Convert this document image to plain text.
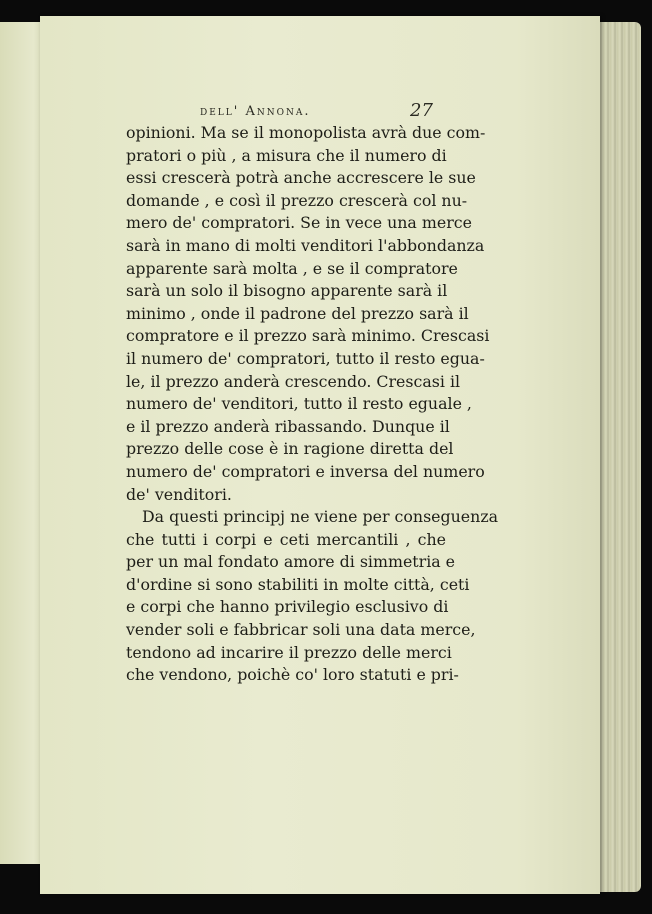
dell' Annona.	27
opinioni. Ma se il monopolista avrà due com-
pratori o più , a misura che il numero di
essi crescerà potrà anche accrescere le sue
domande , e così il prezzo crescerà col nu-
mero de' compratori. Se in vece una merce
sarà in mano di molti venditori l'abbondanza
apparente sarà molta , e se il compratore
sarà un solo il bisogno apparente sarà il
minimo , onde il padrone del prezzo sarà il
compratore e il prezzo sarà minimo. Crescasi
il numero de' compratori, tutto il resto egua-
le, il prezzo anderà crescendo. Crescasi il
numero de' venditori, tutto il resto eguale ,
e il prezzo anderà ribassando. Dunque il
prezzo delle cose è in ragione diretta del
numero de' compratori e inversa del numero
de' venditori.
Da questi principj ne viene per conseguenza
che tutti i corpi e ceti mercantili , che
per un mal fondato amore di simmetria e
d'ordine si sono stabiliti in molte città, ceti
e corpi che hanno privilegio esclusivo di
vender soli e fabbricar soli una data merce,
tendono ad incarire il prezzo delle merci
che vendono, poichè co' loro statuti e pri-
